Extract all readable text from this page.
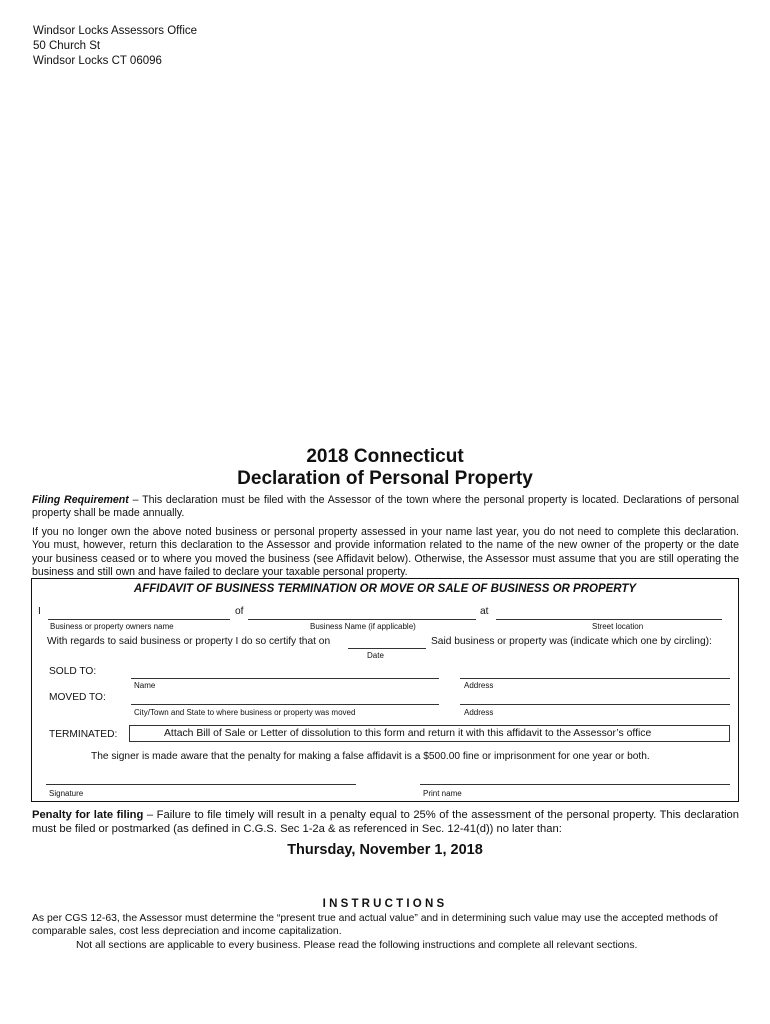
Windsor Locks Assessors Office
50 Church St
Windsor Locks CT 06096
2018 Connecticut
Declaration of Personal Property
Filing Requirement – This declaration must be filed with the Assessor of the town where the personal property is located. Declarations of personal property shall be made annually.
If you no longer own the above noted business or personal property assessed in your name last year, you do not need to complete this declaration. You must, however, return this declaration to the Assessor and provide information related to the name of the new owner of the property or the date your business ceased or to where you moved the business (see Affidavit below). Otherwise, the Assessor must assume that you are still operating the business and still own and have failed to declare your taxable personal property.
AFFIDAVIT OF BUSINESS TERMINATION OR MOVE OR SALE OF BUSINESS OR PROPERTY
I	of	at
Business or property owners name	Business Name (if applicable)	Street location
With regards to said business or property I do so certify that on	Said business or property was (indicate which one by circling):
Date
SOLD TO:
Name	Address
MOVED TO:
City/Town and State to where business or property was moved	Address
TERMINATED:	Attach Bill of Sale or Letter of dissolution to this form and return it with this affidavit to the Assessor’s office
The signer is made aware that the penalty for making a false affidavit is a $500.00 fine or imprisonment for one year or both.
Signature	Print name
Penalty for late filing – Failure to file timely will result in a penalty equal to 25% of the assessment of the personal property. This declaration must be filed or postmarked (as defined in C.G.S. Sec 1-2a & as referenced in Sec. 12-41(d)) no later than:
Thursday, November 1, 2018
INSTRUCTIONS
As per CGS 12-63, the Assessor must determine the “present true and actual value” and in determining such value may use the accepted methods of comparable sales, cost less depreciation and income capitalization.
Not all sections are applicable to every business. Please read the following instructions and complete all relevant sections.
